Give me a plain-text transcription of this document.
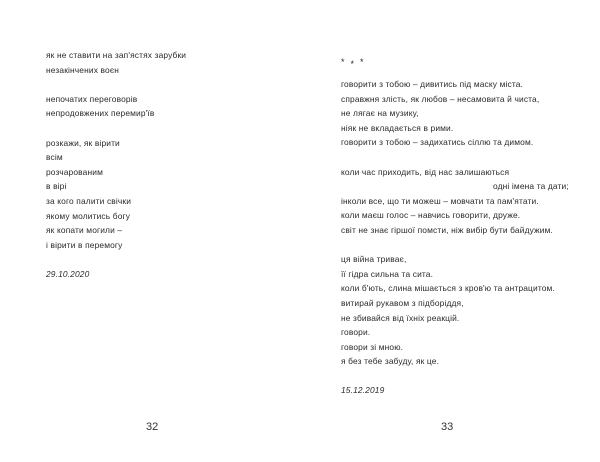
як не ставити на зап'ястях зарубки
незакінчених воєн
непочатих переговорів
непродовжених перемир'їв
розкажи, як вірити
всім
розчарованим
в вірі
за кого палити свічки
якому молитись богу
як копати могили –
і вірити в перемогу
29.10.2020
32
***
говорити з тобою – дивитись під маску міста.
справжня злість, як любов – несамовита й чиста,
не лягає на музику,
ніяк не вкладається в рими.
говорити з тобою – задихатись сіллю та димом.
коли час приходить, від нас залишаються
одні імена та дати;
інколи все, що ти можеш – мовчати та пам'ятати.
коли маєш голос – навчись говорити, друже.
світ не знає гіршої помсти, ніж вибір бути байдужим.
ця війна триває,
її гідра сильна та сита.
коли б'ють, слина мішається з кров'ю та антрацитом.
витирай рукавом з підборіддя,
не збивайся від їхніх реакцій.
говори.
говори зі мною.
я без тебе забуду, як це.
15.12.2019
33
